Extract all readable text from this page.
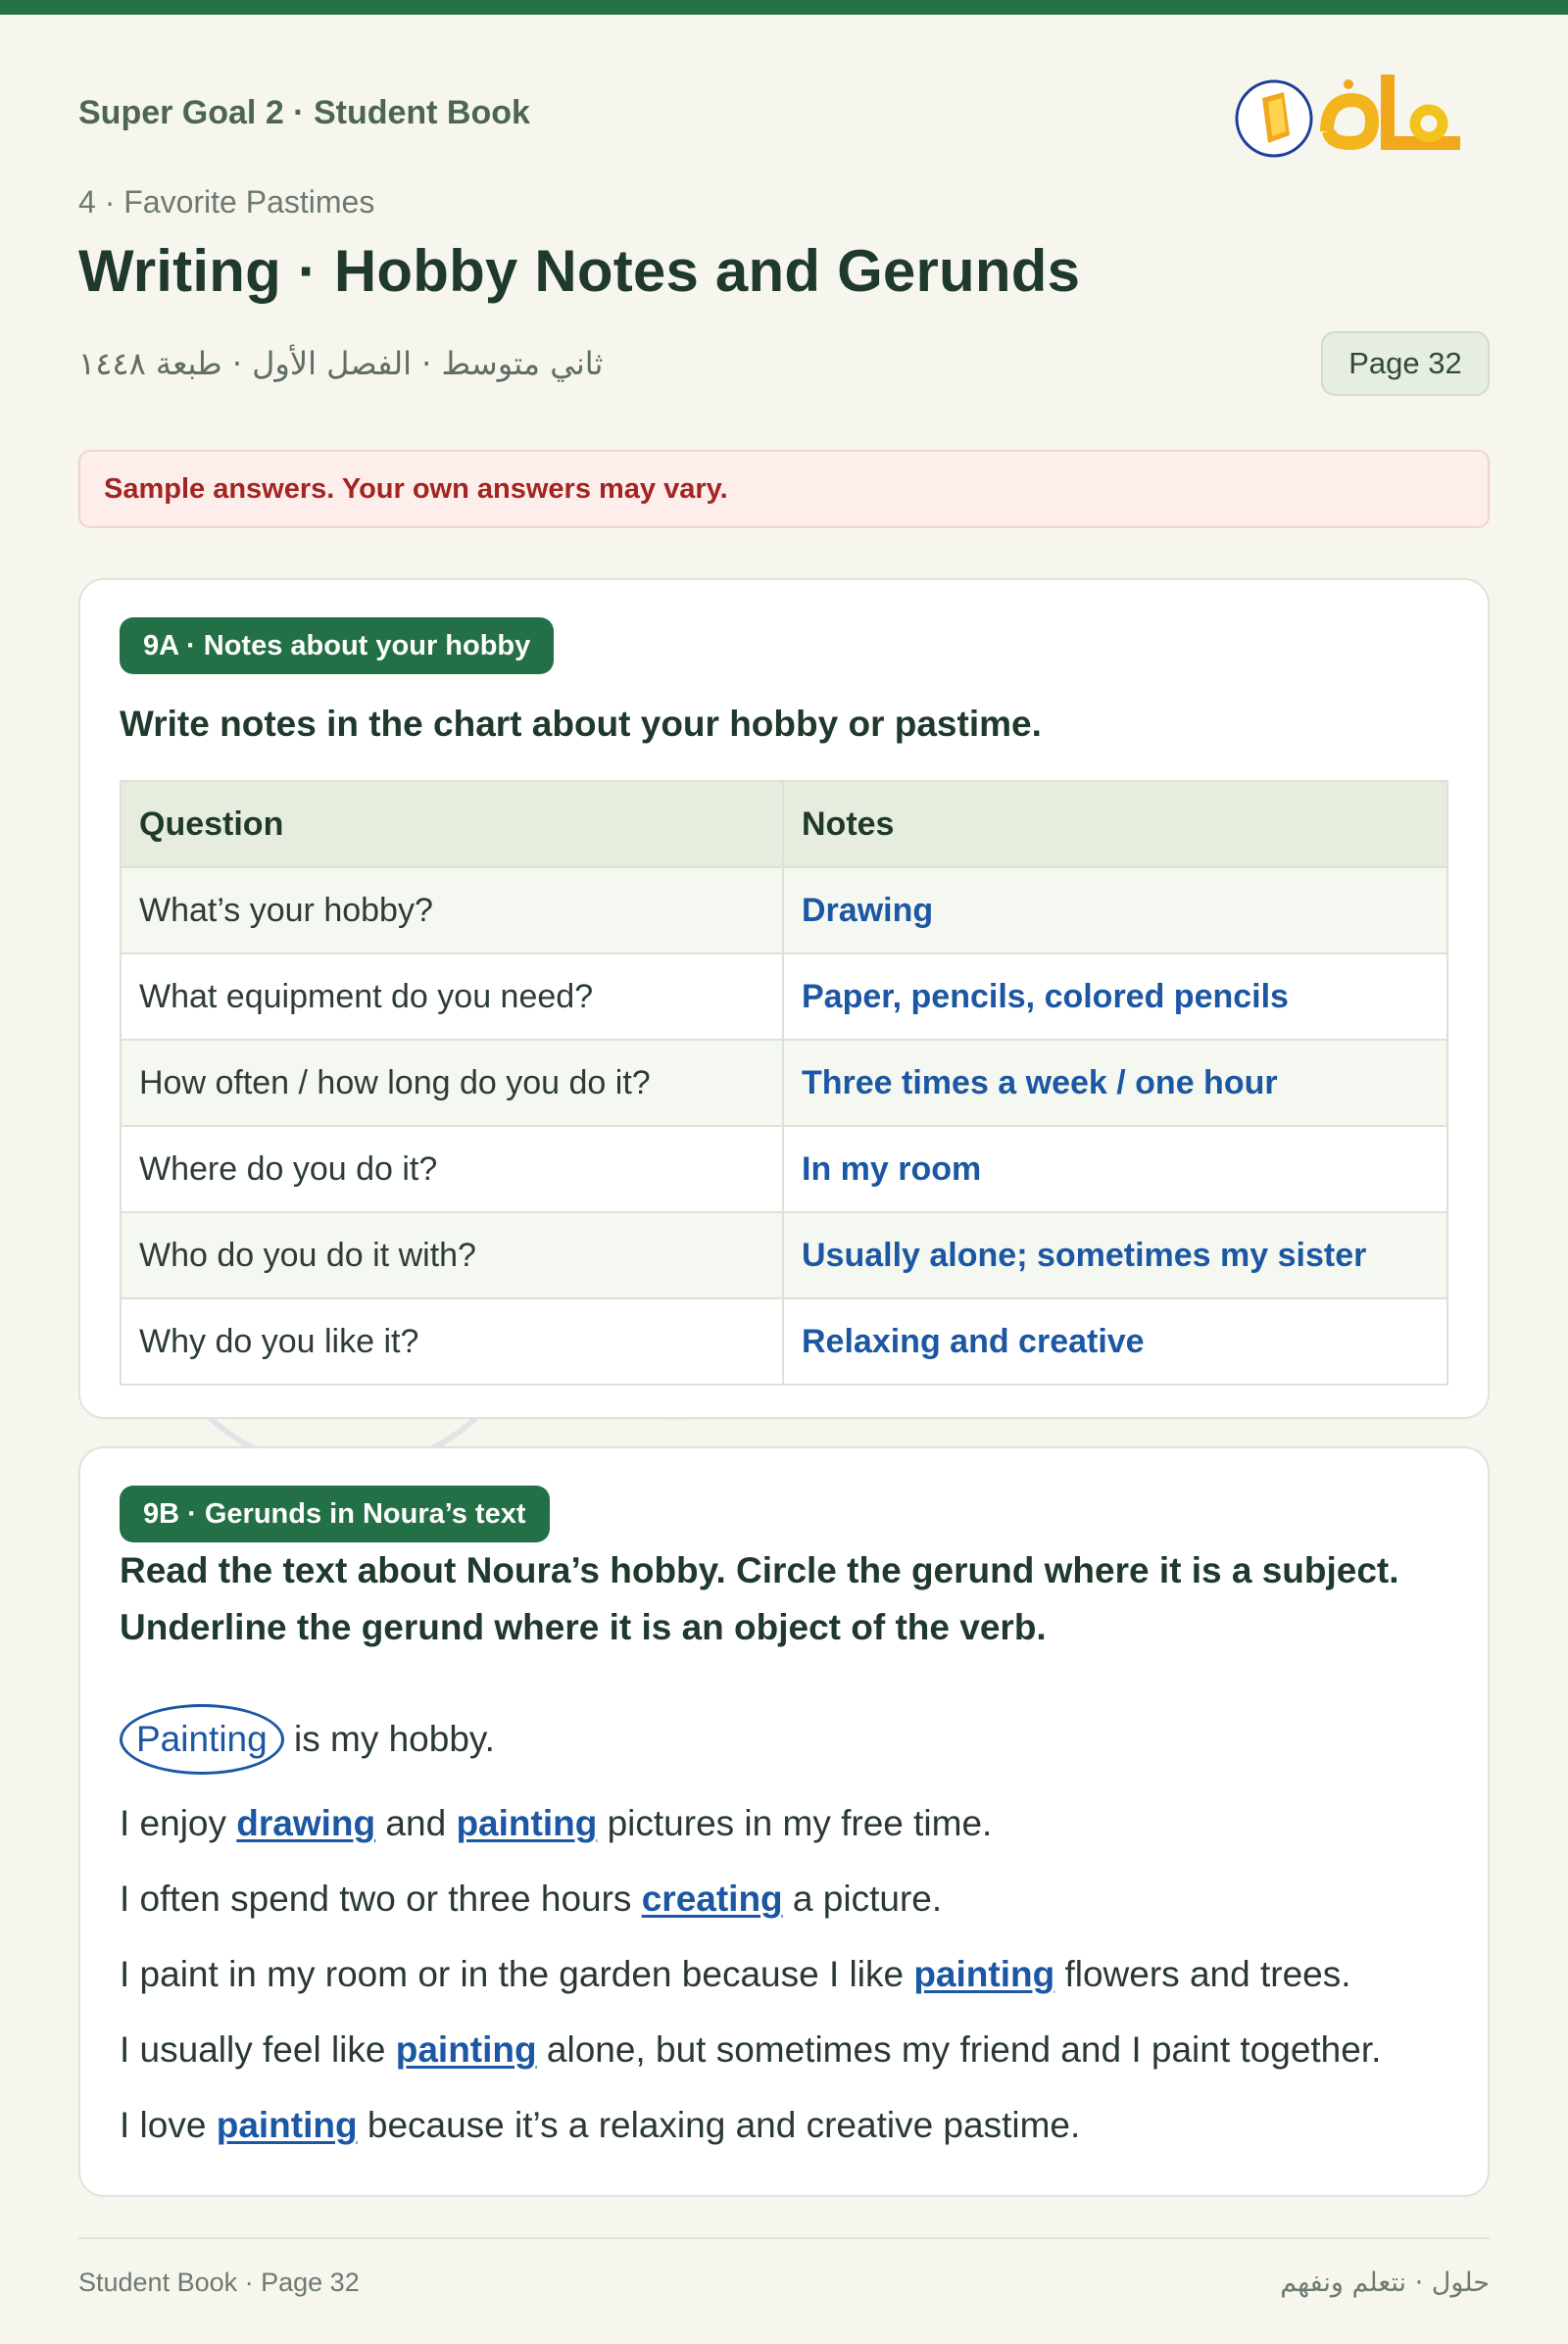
Super Goal 2 · Student Book
4 · Favorite Pastimes
Writing · Hobby Notes and Gerunds
ثاني متوسط · الفصل الأول · طبعة ١٤٤٨	Page 32
Sample answers. Your own answers may vary.
9A · Notes about your hobby
Write notes in the chart about your hobby or pastime.
Question	Notes
What’s your hobby?	Drawing
What equipment do you need?	Paper, pencils, colored pencils
How often / how long do you do it?	Three times a week / one hour
Where do you do it?	In my room
Who do you do it with?	Usually alone; sometimes my sister
Why do you like it?	Relaxing and creative
9B · Gerunds in Noura’s text
Read the text about Noura’s hobby. Circle the gerund where it is a subject. Underline the gerund where it is an object of the verb.
Painting is my hobby.
I enjoy drawing and painting pictures in my free time.
I often spend two or three hours creating a picture.
I paint in my room or in the garden because I like painting flowers and trees.
I usually feel like painting alone, but sometimes my friend and I paint together.
I love painting because it’s a relaxing and creative pastime.
Student Book · Page 32	حلول · نتعلم ونفهم
